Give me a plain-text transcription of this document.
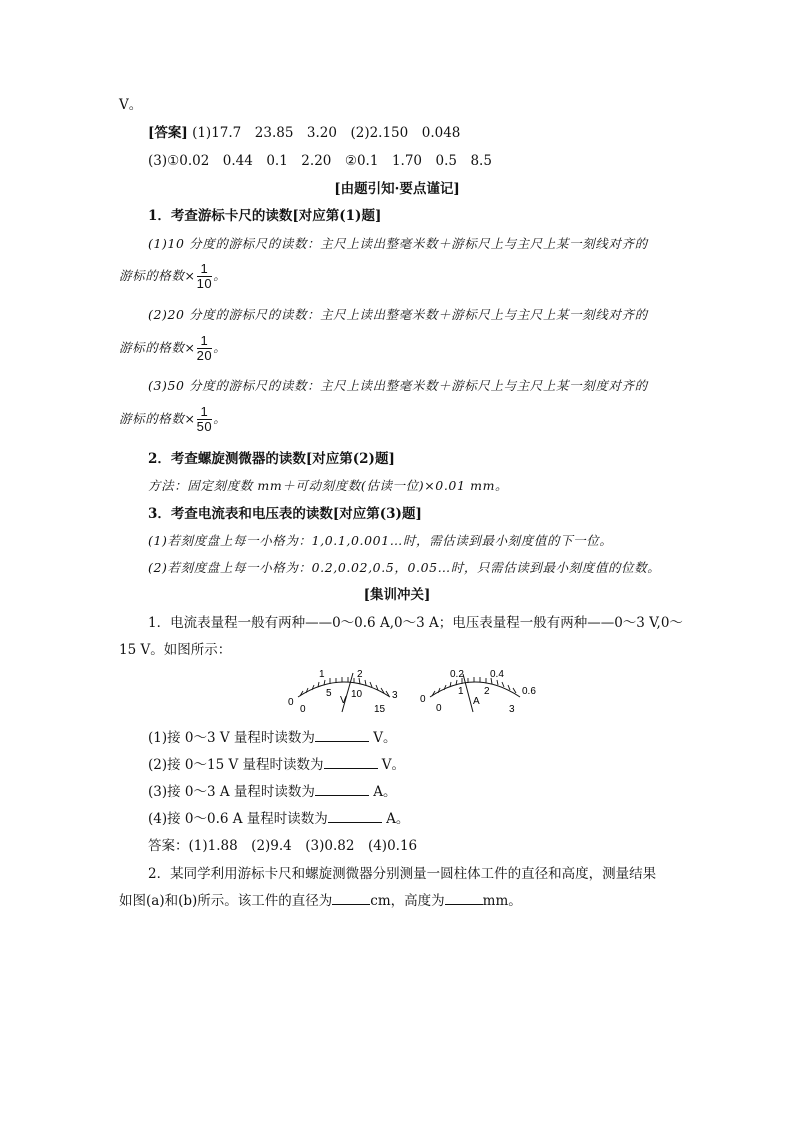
V。
[答案] (1)17.7　23.85　3.20　(2)2.150　0.048
(3)①0.02　0.44　0.1　2.20　②0.1　1.70　0.5　8.5
[由题引知·要点谨记]
1．考查游标卡尺的读数[对应第(1)题]
(1)10 分度的游标尺的读数：主尺上读出整毫米数＋游标尺上与主尺上某一刻线对齐的
游标的格数× $\frac{1}{10}$ 。
(2)20 分度的游标尺的读数：主尺上读出整毫米数＋游标尺上与主尺上某一刻线对齐的
游标的格数× $\frac{1}{20}$ 。
(3)50 分度的游标尺的读数：主尺上读出整毫米数＋游标尺上与主尺上某一刻度对齐的
游标的格数× $\frac{1}{50}$ 。
2．考查螺旋测微器的读数[对应第(2)题]
方法：固定刻度数 mm＋可动刻度数(估读一位)×0.01 mm。
3．考查电流表和电压表的读数[对应第(3)题]
(1)若刻度盘上每一小格为：1,0.1,0.001…时，需估读到最小刻度值的下一位。
(2)若刻度盘上每一小格为：0.2,0.02,0.5，0.05…时，只需估读到最小刻度值的位数。
[集训冲关]
1．电流表量程一般有两种——0～0.6 A,0～3 A；电压表量程一般有两种——0～3 V,0～
15 V。如图所示：
0
1	2
3
0
5 10
15
V	0
0.2	0.4
0.6
0
1 2
3
A
(1)接 0～3 V 量程时读数为	V。
(2)接 0～15 V 量程时读数为	V。
(3)接 0～3 A 量程时读数为	A。
(4)接 0～0.6 A 量程时读数为	A。
答案：(1)1.88　(2)9.4　(3)0.82　(4)0.16
2．某同学利用游标卡尺和螺旋测微器分别测量一圆柱体工件的直径和高度，测量结果
如图(a)和(b)所示。该工件的直径为	cm，高度为	mm。
